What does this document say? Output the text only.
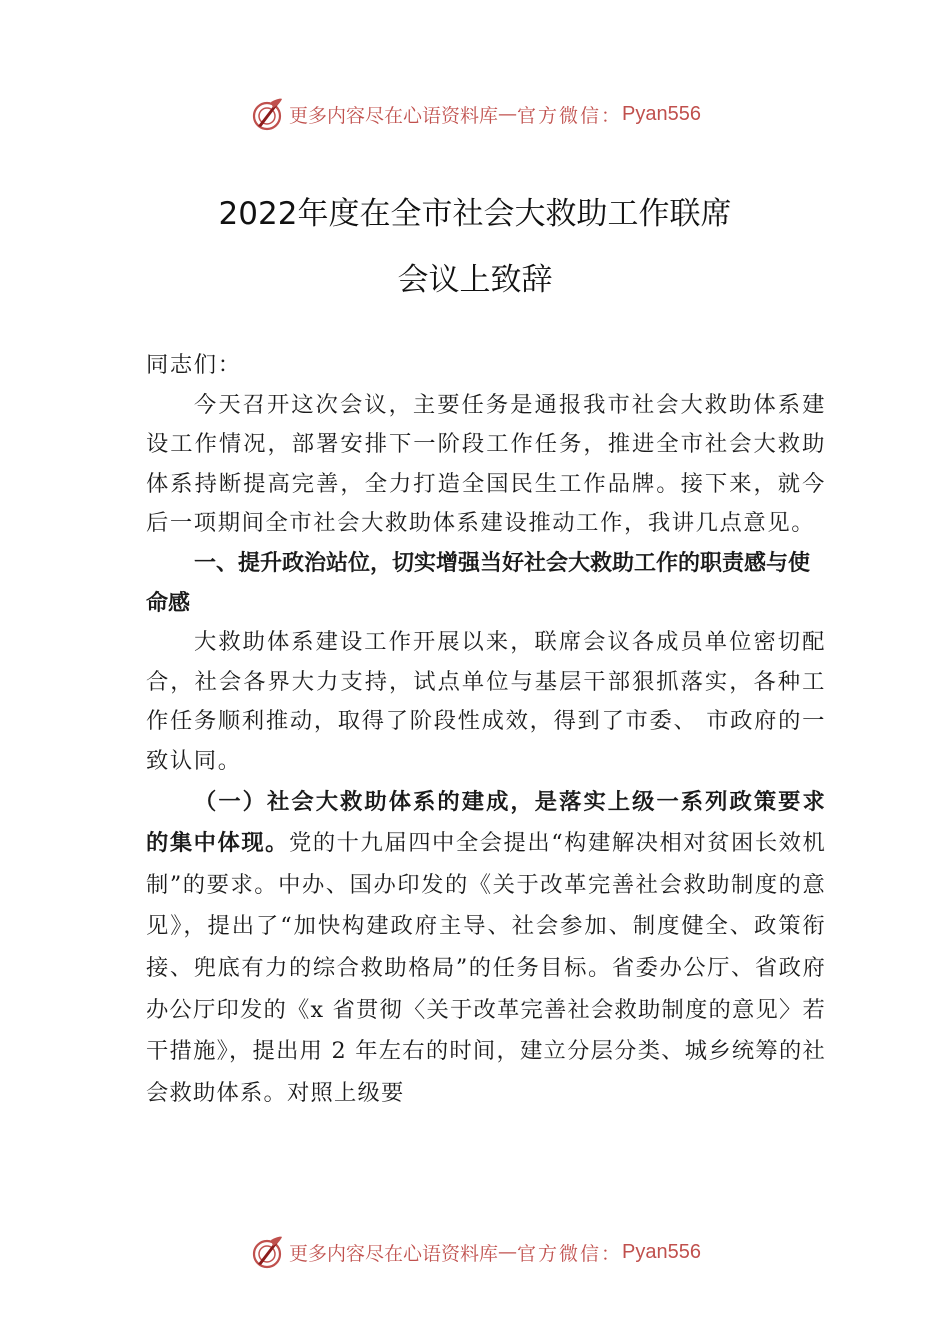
更多内容尽在心语资料库 — 官方微信： Pyan556
2022年度在全市社会大救助工作联席
会议上致辞

同志们：

今天召开这次会议，主要任务是通报我市社会大救助体系建设工作情况，部署安排下一阶段工作任务，推进全市社会大救助体系持断提高完善，全力打造全国民生工作品牌。接下来，就今后一项期间全市社会大救助体系建设推动工作，我讲几点意见。

一、提升政治站位，切实增强当好社会大救助工作的职责感与使命感

大救助体系建设工作开展以来，联席会议各成员单位密切配合，社会各界大力支持，试点单位与基层干部狠抓落实，各种工作任务顺利推动，取得了阶段性成效，得到了市委、 市政府的一致认同。

（一）社会大救助体系的建成，是落实上级一系列政策要求的集中体现。党的十九届四中全会提出“构建解决相对贫困长效机制”的要求。中办、国办印发的《关于改革完善社会救助制度的意见》，提出了“加快构建政府主导、社会参加、制度健全、政策衔接、兜底有力的综合救助格局”的任务目标。省委办公厅、省政府办公厅印发的《x 省贯彻〈关于改革完善社会救助制度的意见〉若干措施》，提出用 2 年左右的时间，建立分层分类、城乡统筹的社会救助体系。对照上级要

更多内容尽在心语资料库 — 官方微信： Pyan556
